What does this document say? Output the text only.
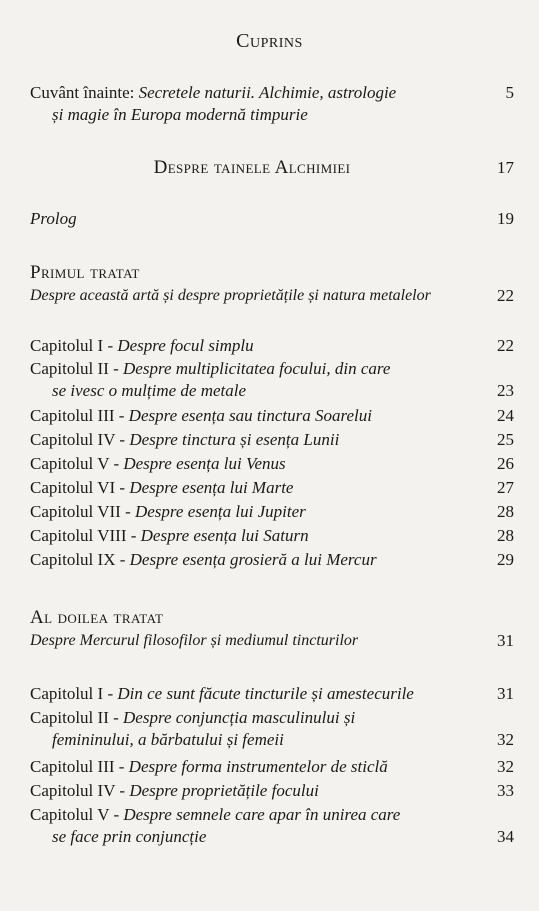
Cuprins
Cuvânt înainte: Secretele naturii. Alchimie, astrologie
și magie în Europa modernă timpurie
5
Despre tainele Alchimiei	17
Prolog	19
Primul tratat
Despre această artă și despre proprietățile și natura metalelor	22
Capitolul I - Despre focul simplu	22
Capitolul II - Despre multiplicitatea focului, din care
se ivesc o mulțime de metale	23
Capitolul III - Despre esența sau tinctura Soarelui	24
Capitolul IV - Despre tinctura și esența Lunii	25
Capitolul V - Despre esența lui Venus	26
Capitolul VI - Despre esența lui Marte	27
Capitolul VII - Despre esența lui Jupiter	28
Capitolul VIII - Despre esența lui Saturn	28
Capitolul IX - Despre esența grosieră a lui Mercur	29
Al doilea tratat
Despre Mercurul filosofilor și mediumul tincturilor	31
Capitolul I - Din ce sunt făcute tincturile și amestecurile	31
Capitolul II - Despre conjuncția masculinului și
femininului, a bărbatului și femeii	32
Capitolul III - Despre forma instrumentelor de sticlă	32
Capitolul IV - Despre proprietățile focului	33
Capitolul V - Despre semnele care apar în unirea care
se face prin conjuncție	34
